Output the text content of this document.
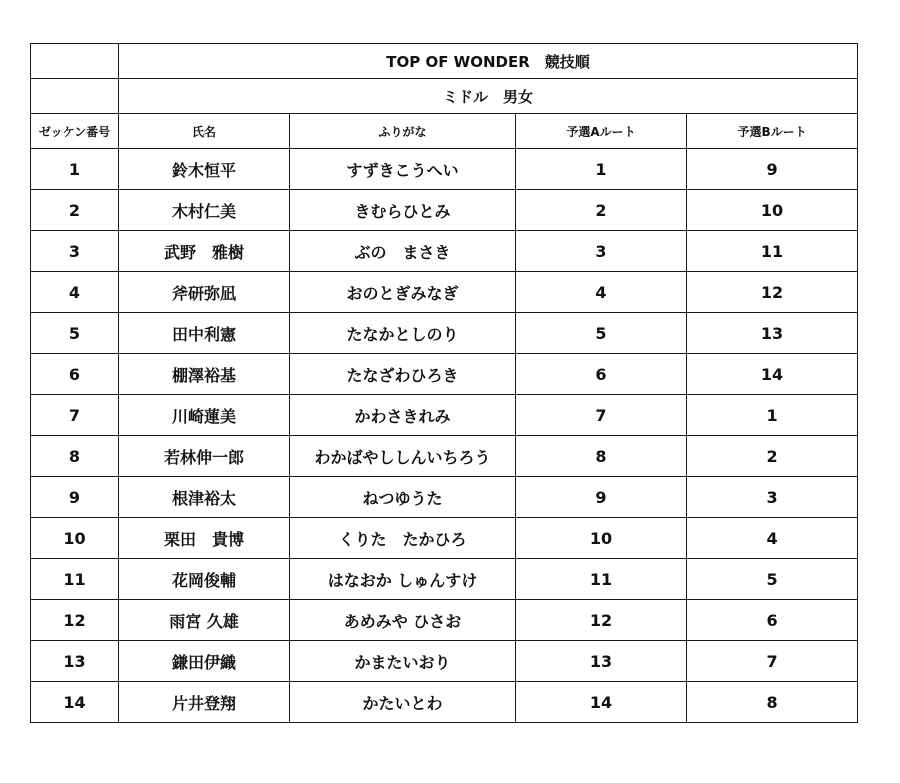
	TOP OF WONDER　競技順			
	ミドル　男女			
ゼッケン番号	氏名	ふりがな	予選Aルート	予選Bルート
1	鈴木恒平	すずきこうへい	1	9
2	木村仁美	きむらひとみ	2	10
3	武野　雅樹	ぶの　まさき	3	11
4	斧研弥凪	おのとぎみなぎ	4	12
5	田中利憲	たなかとしのり	5	13
6	棚澤裕基	たなざわひろき	6	14
7	川崎蓮美	かわさきれみ	7	1
8	若林伸一郎	わかばやししんいちろう	8	2
9	根津裕太	ねつゆうた	9	3
10	栗田　貴博	くりた　たかひろ	10	4
11	花岡俊輔	はなおか しゅんすけ	11	5
12	雨宮 久雄	あめみや ひさお	12	6
13	鎌田伊織	かまたいおり	13	7
14	片井登翔	かたいとわ	14	8
